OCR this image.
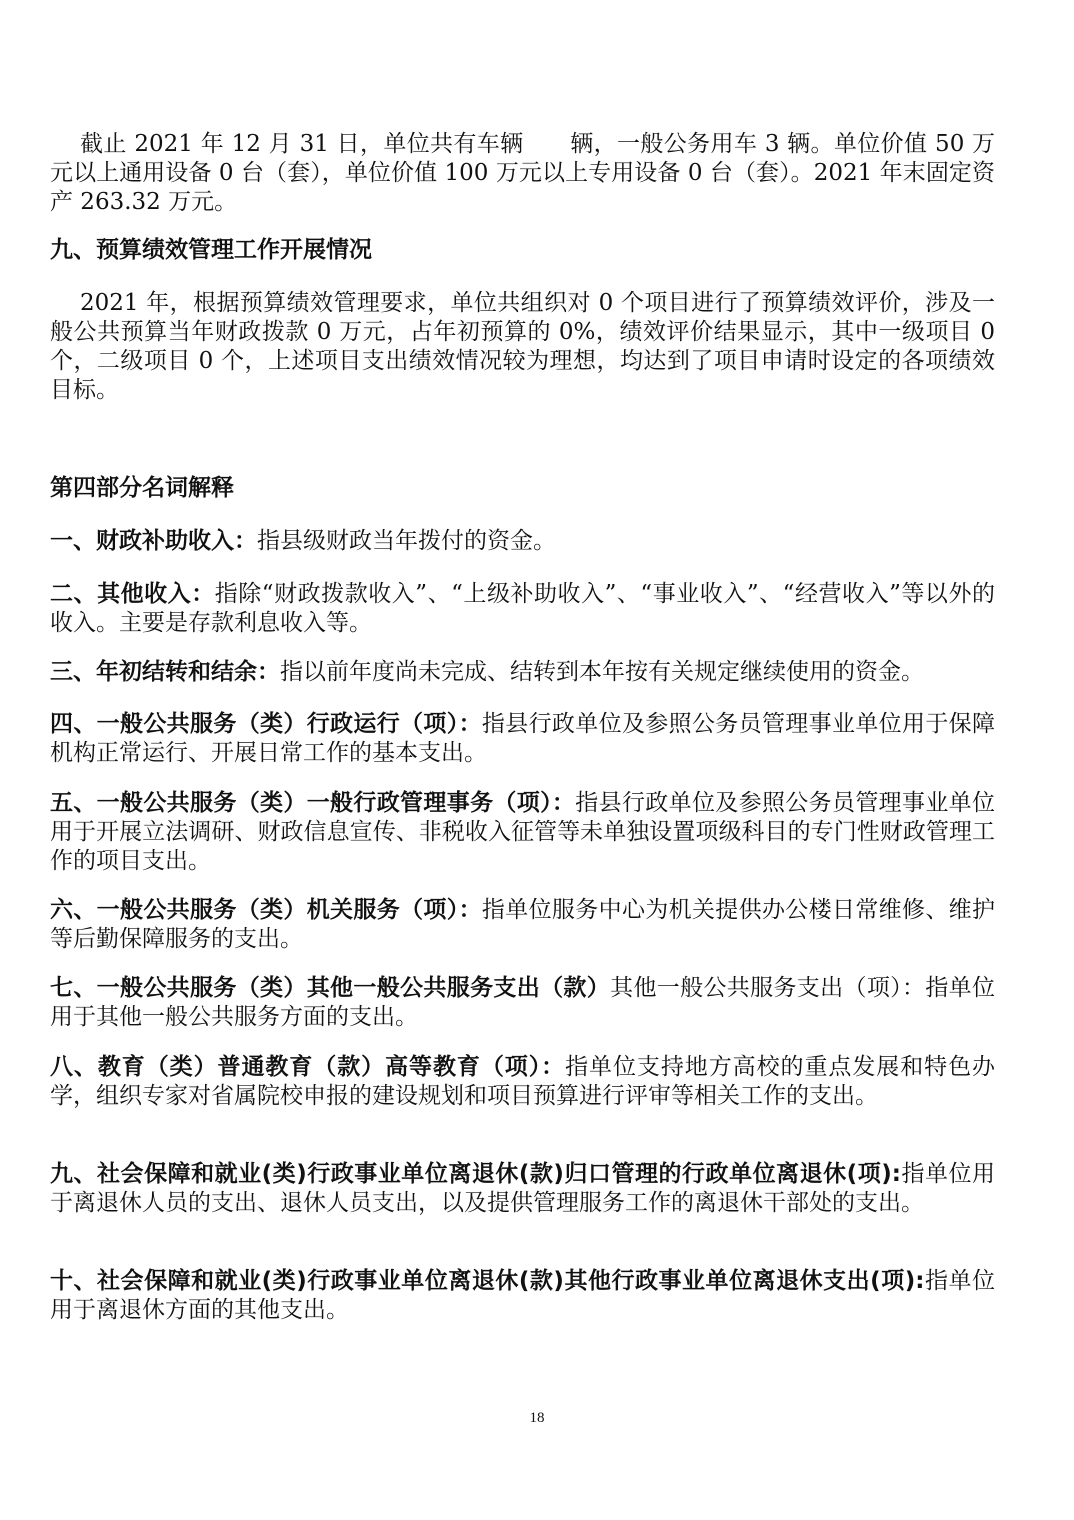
截止 2021 年 12 月 31 日，单位共有车辆　　辆，一般公务用车 3 辆。单位价值 50 万元以上通用设备 0 台（套），单位价值 100 万元以上专用设备 0 台（套）。2021 年末固定资产 263.32 万元。

九、预算绩效管理工作开展情况

2021 年，根据预算绩效管理要求，单位共组织对 0 个项目进行了预算绩效评价，涉及一般公共预算当年财政拨款 0 万元，占年初预算的 0%，绩效评价结果显示，其中一级项目 0 个，二级项目 0 个，上述项目支出绩效情况较为理想，均达到了项目申请时设定的各项绩效目标。

第四部分名词解释

一、财政补助收入：指县级财政当年拨付的资金。

二、其他收入：指除“财政拨款收入”、“上级补助收入”、“事业收入”、“经营收入”等以外的收入。主要是存款利息收入等。

三、年初结转和结余：指以前年度尚未完成、结转到本年按有关规定继续使用的资金。

四、一般公共服务（类）行政运行（项）：指县行政单位及参照公务员管理事业单位用于保障机构正常运行、开展日常工作的基本支出。

五、一般公共服务（类）一般行政管理事务（项）：指县行政单位及参照公务员管理事业单位用于开展立法调研、财政信息宣传、非税收入征管等未单独设置项级科目的专门性财政管理工作的项目支出。

六、一般公共服务（类）机关服务（项）：指单位服务中心为机关提供办公楼日常维修、维护等后勤保障服务的支出。

七、一般公共服务（类）其他一般公共服务支出（款）其他一般公共服务支出（项）：指单位用于其他一般公共服务方面的支出。

八、教育（类）普通教育（款）高等教育（项）：指单位支持地方高校的重点发展和特色办学，组织专家对省属院校申报的建设规划和项目预算进行评审等相关工作的支出。

九、社会保障和就业(类)行政事业单位离退休(款)归口管理的行政单位离退休(项):指单位用于离退休人员的支出、退休人员支出，以及提供管理服务工作的离退休干部处的支出。

十、社会保障和就业(类)行政事业单位离退休(款)其他行政事业单位离退休支出(项):指单位用于离退休方面的其他支出。

18
